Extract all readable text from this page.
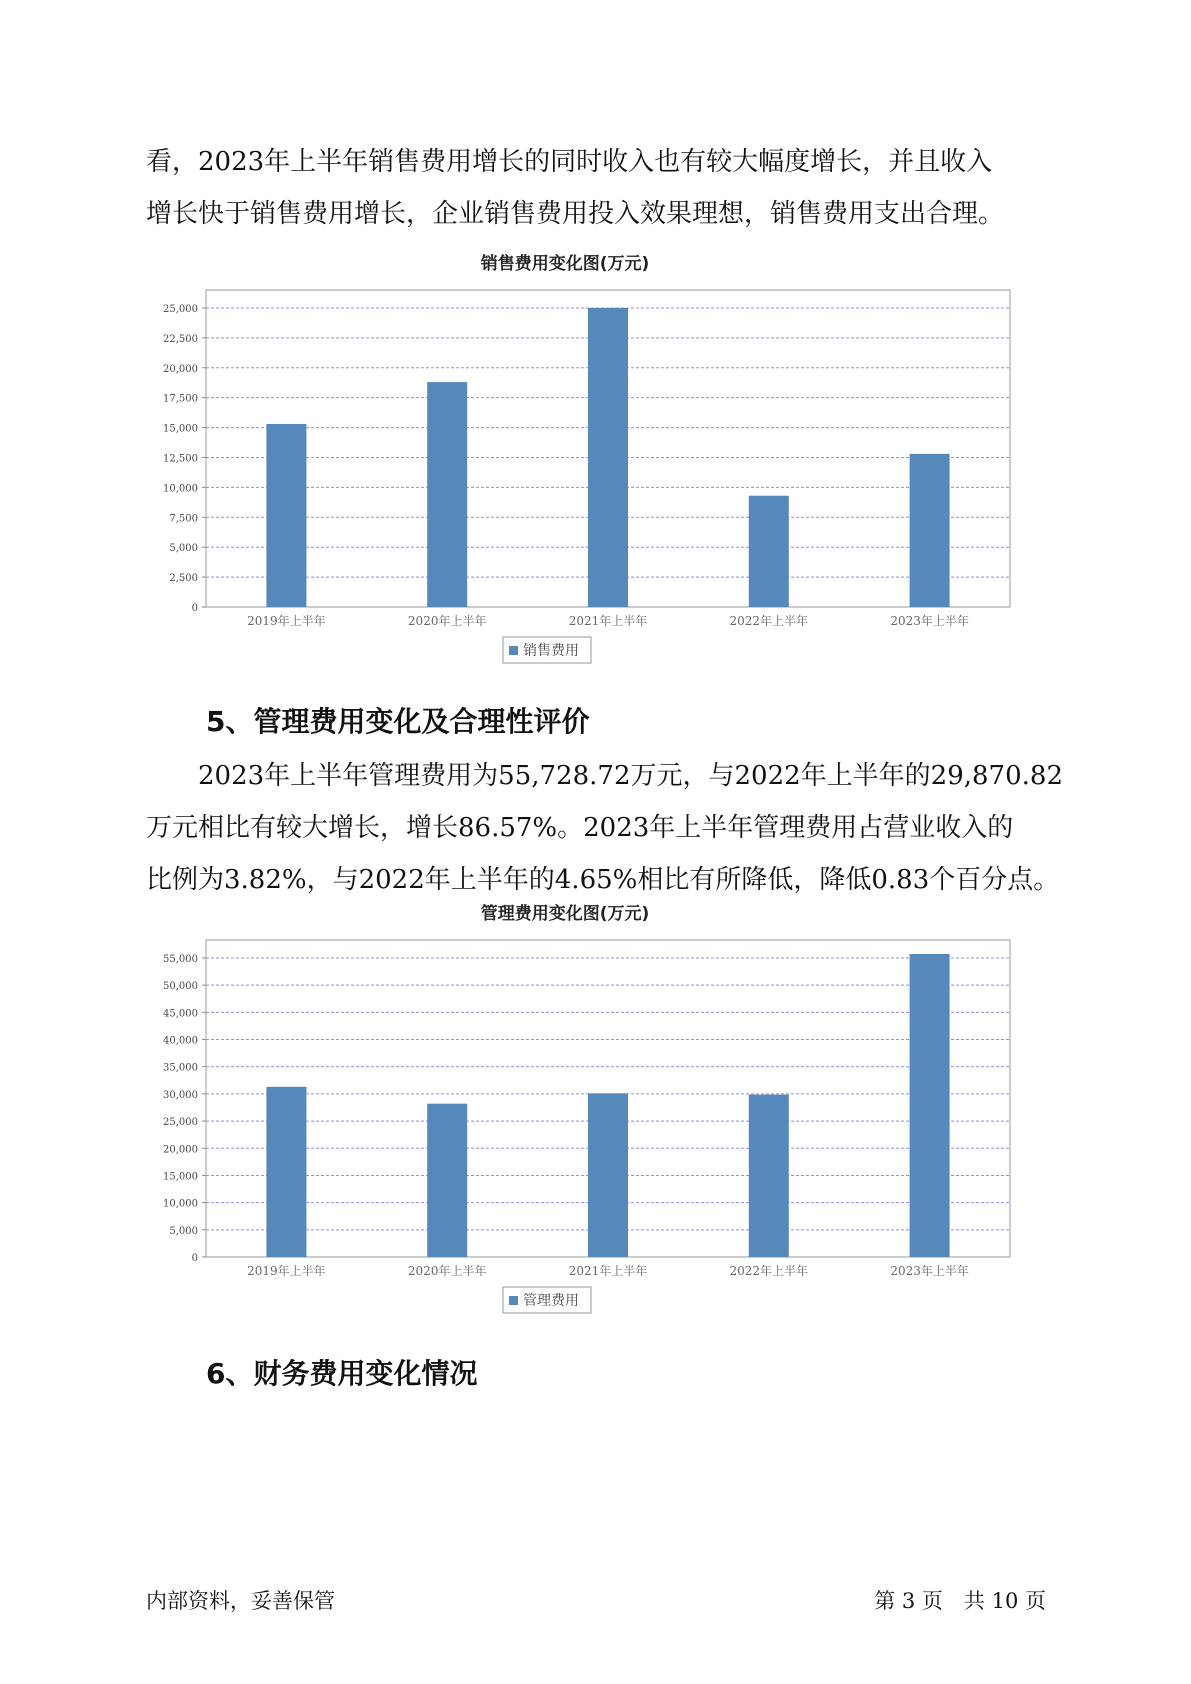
看，2023年上半年销售费用增长的同时收入也有较大幅度增长，并且收入
增长快于销售费用增长，企业销售费用投入效果理想，销售费用支出合理。

销售费用变化图(万元)
0
2,500
5,000
7,500
10,000
12,500
15,000
17,500
20,000
22,500
25,000
2019年上半年	2020年上半年	2021年上半年	2022年上半年	2023年上半年
销售费用
5、管理费用变化及合理性评价

　　2023年上半年管理费用为55,728.72万元，与2022年上半年的29,870.82
万元相比有较大增长，增长86.57%。2023年上半年管理费用占营业收入的
比例为3.82%，与2022年上半年的4.65%相比有所降低，降低0.83个百分点。

管理费用变化图(万元)
0
5,000
10,000
15,000
20,000
25,000
30,000
35,000
40,000
45,000
50,000
55,000
2019年上半年	2020年上半年	2021年上半年	2022年上半年	2023年上半年
管理费用
6、财务费用变化情况
内部资料，妥善保管	第 3 页　共 10 页
